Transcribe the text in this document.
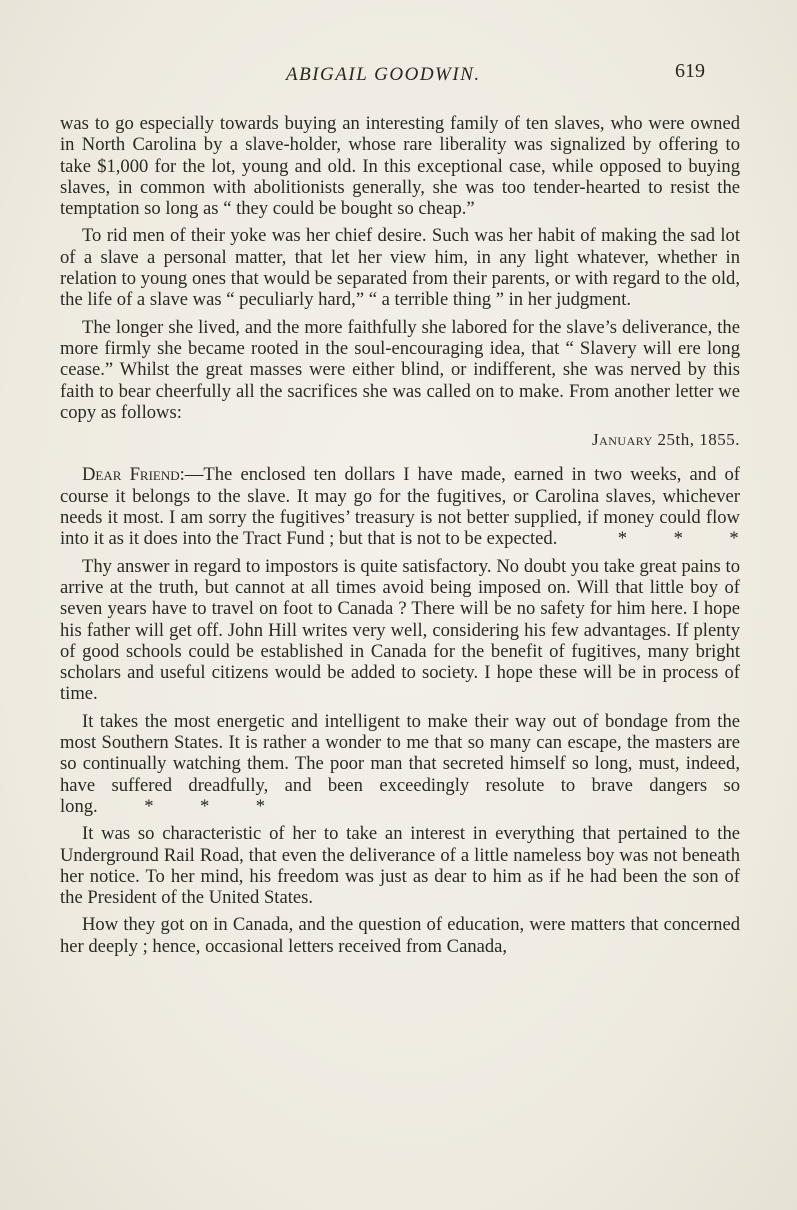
ABIGAIL GOODWIN.	619

was to go especially towards buying an interesting family of ten slaves, who were owned in North Carolina by a slave-holder, whose rare liberality was signalized by offering to take $1,000 for the lot, young and old. In this exceptional case, while opposed to buying slaves, in common with abolitionists generally, she was too tender-hearted to resist the temptation so long as “ they could be bought so cheap.”

To rid men of their yoke was her chief desire. Such was her habit of making the sad lot of a slave a personal matter, that let her view him, in any light whatever, whether in relation to young ones that would be separated from their parents, or with regard to the old, the life of a slave was “ peculiarly hard,” “ a terrible thing ” in her judgment.

The longer she lived, and the more faithfully she labored for the slave’s deliverance, the more firmly she became rooted in the soul-encouraging idea, that “ Slavery will ere long cease.” Whilst the great masses were either blind, or indifferent, she was nerved by this faith to bear cheerfully all the sacrifices she was called on to make. From another letter we copy as follows:

January 25th, 1855.

Dear Friend:—The enclosed ten dollars I have made, earned in two weeks, and of course it belongs to the slave. It may go for the fugitives, or Carolina slaves, whichever needs it most. I am sorry the fugitives’ treasury is not better supplied, if money could flow into it as it does into the Tract Fund ; but that is not to be expected.	*          *          *

Thy answer in regard to impostors is quite satisfactory. No doubt you take great pains to arrive at the truth, but cannot at all times avoid being imposed on. Will that little boy of seven years have to travel on foot to Canada ? There will be no safety for him here. I hope his father will get off. John Hill writes very well, considering his few advantages. If plenty of good schools could be established in Canada for the benefit of fugitives, many bright scholars and useful citizens would be added to society. I hope these will be in process of time.

It takes the most energetic and intelligent to make their way out of bondage from the most Southern States. It is rather a wonder to me that so many can escape, the masters are so continually watching them. The poor man that secreted himself so long, must, indeed, have suffered dreadfully, and been exceedingly resolute to brave dangers so long. *          *          *

It was so characteristic of her to take an interest in everything that pertained to the Underground Rail Road, that even the deliverance of a little nameless boy was not beneath her notice. To her mind, his freedom was just as dear to him as if he had been the son of the President of the United States.

How they got on in Canada, and the question of education, were matters that concerned her deeply ; hence, occasional letters received from Canada,
